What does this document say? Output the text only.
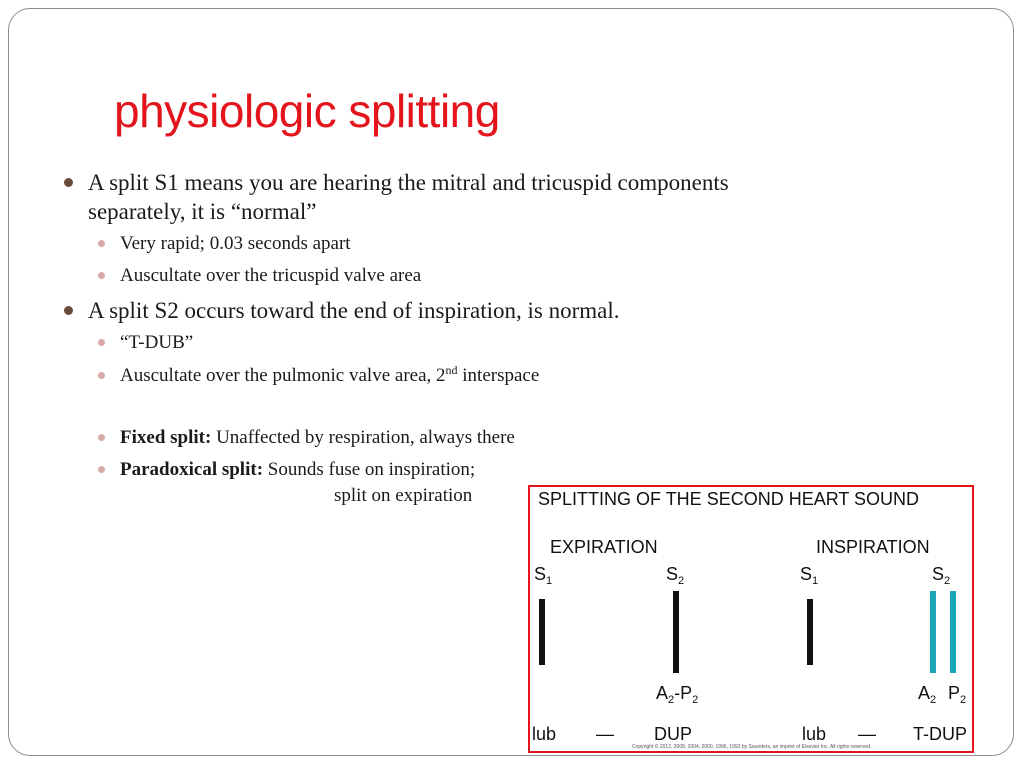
physiologic splitting
A split S1 means you are hearing the mitral and tricuspid components
separately, it is “normal”
Very rapid; 0.03 seconds apart
Auscultate over the tricuspid valve area
A split S2 occurs toward the end of inspiration, is normal.
“T-DUB”
Auscultate over the pulmonic valve area, 2nd interspace
Fixed split: Unaffected by respiration, always there
Paradoxical split: Sounds fuse on inspiration;
split on expiration	SPLITTING OF THE SECOND HEART SOUND
EXPIRATION	INSPIRATION
$S_1$	$S_2$	$S_1$	$S_2$
$A_2-P_2$	$A_2$ $P_2$
lub — DUP	lub — T-DUP
Copyright © 2012, 2008, 2004, 2000, 1996, 1992 by Saunders, an imprint of Elsevier Inc. All rights reserved.
